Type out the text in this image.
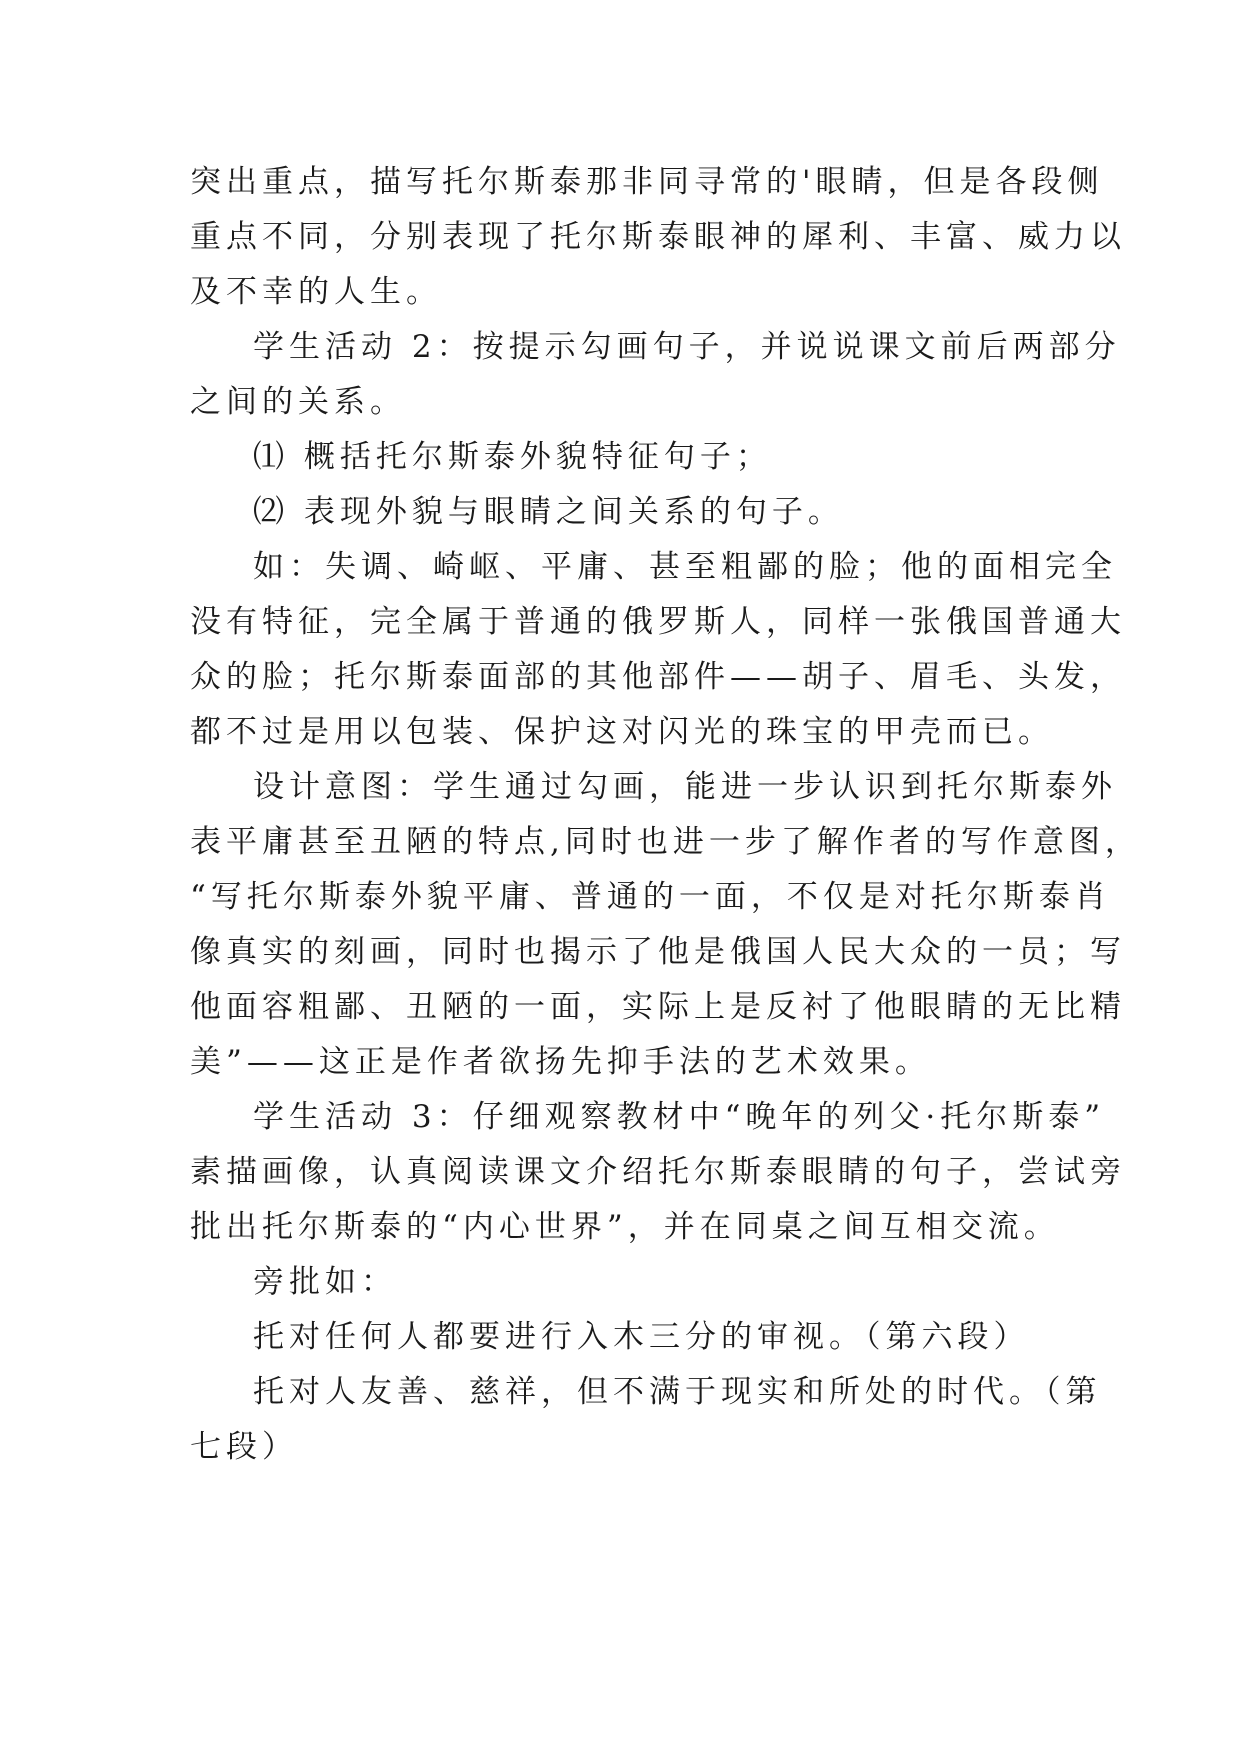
突出重点，描写托尔斯泰那非同寻常的'眼睛，但是各段侧
重点不同，分别表现了托尔斯泰眼神的犀利、丰富、威力以
及不幸的人生。
学生活动 2：按提示勾画句子，并说说课文前后两部分
之间的关系。
⑴ 概括托尔斯泰外貌特征句子；
⑵ 表现外貌与眼睛之间关系的句子。
如：失调、崎岖、平庸、甚至粗鄙的脸；他的面相完全
没有特征，完全属于普通的俄罗斯人，同样一张俄国普通大
众的脸；托尔斯泰面部的其他部件——胡子、眉毛、头发，
都不过是用以包装、保护这对闪光的珠宝的甲壳而已。
设计意图：学生通过勾画，能进一步认识到托尔斯泰外
表平庸甚至丑陋的特点,同时也进一步了解作者的写作意图，
“写托尔斯泰外貌平庸、普通的一面，不仅是对托尔斯泰肖
像真实的刻画，同时也揭示了他是俄国人民大众的一员；写
他面容粗鄙、丑陋的一面，实际上是反衬了他眼睛的无比精
美”——这正是作者欲扬先抑手法的艺术效果。
学生活动 3：仔细观察教材中“晚年的列父·托尔斯泰”
素描画像，认真阅读课文介绍托尔斯泰眼睛的句子，尝试旁
批出托尔斯泰的“内心世界”，并在同桌之间互相交流。
旁批如：
托对任何人都要进行入木三分的审视。（第六段）
托对人友善、慈祥，但不满于现实和所处的时代。（第
七段）
